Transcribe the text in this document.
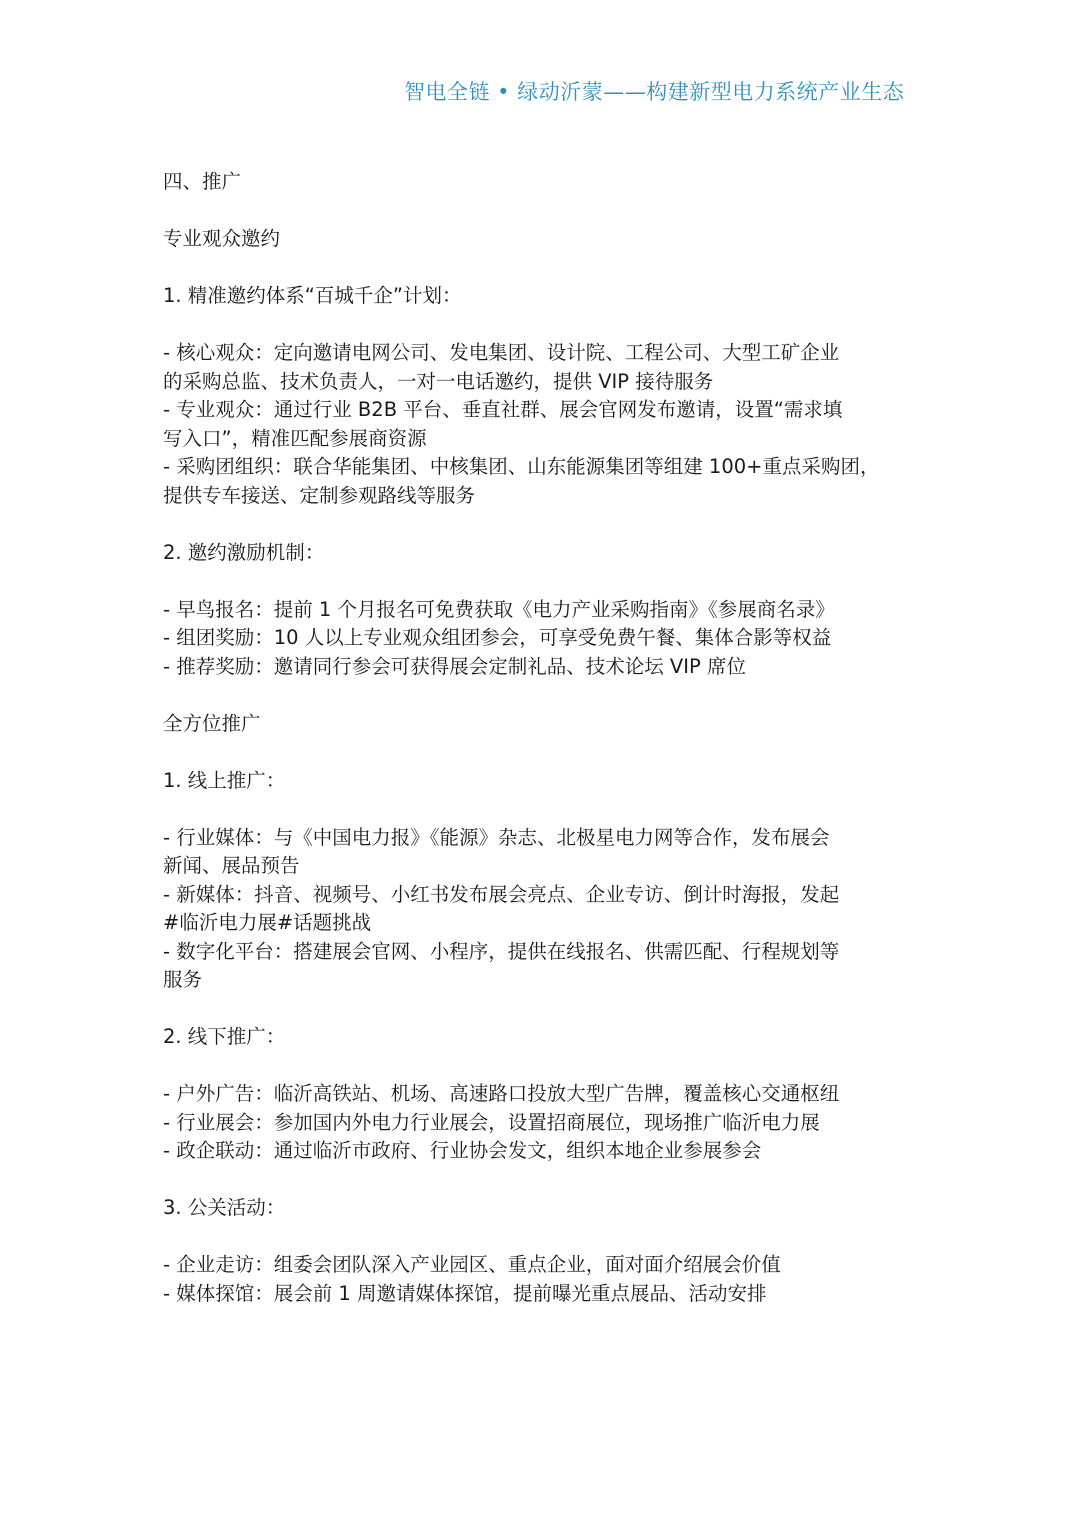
智电全链 • 绿动沂蒙——构建新型电力系统产业生态

四、推广

专业观众邀约

1. 精准邀约体系“百城千企”计划：

- 核心观众：定向邀请电网公司、发电集团、设计院、工程公司、大型工矿企业

的采购总监、技术负责人，一对一电话邀约，提供 VIP 接待服务

- 专业观众：通过行业 B2B 平台、垂直社群、展会官网发布邀请，设置“需求填

写入口”，精准匹配参展商资源

- 采购团组织：联合华能集团、中核集团、山东能源集团等组建 100+重点采购团，

提供专车接送、定制参观路线等服务

2. 邀约激励机制：

- 早鸟报名：提前 1 个月报名可免费获取《电力产业采购指南》《参展商名录》

- 组团奖励：10 人以上专业观众组团参会，可享受免费午餐、集体合影等权益

- 推荐奖励：邀请同行参会可获得展会定制礼品、技术论坛 VIP 席位

全方位推广

1. 线上推广：

- 行业媒体：与《中国电力报》《能源》杂志、北极星电力网等合作，发布展会

新闻、展品预告

- 新媒体：抖音、视频号、小红书发布展会亮点、企业专访、倒计时海报，发起

#临沂电力展#话题挑战

- 数字化平台：搭建展会官网、小程序，提供在线报名、供需匹配、行程规划等

服务

2. 线下推广：

- 户外广告：临沂高铁站、机场、高速路口投放大型广告牌，覆盖核心交通枢纽

- 行业展会：参加国内外电力行业展会，设置招商展位，现场推广临沂电力展

- 政企联动：通过临沂市政府、行业协会发文，组织本地企业参展参会

3. 公关活动：

- 企业走访：组委会团队深入产业园区、重点企业，面对面介绍展会价值

- 媒体探馆：展会前 1 周邀请媒体探馆，提前曝光重点展品、活动安排
